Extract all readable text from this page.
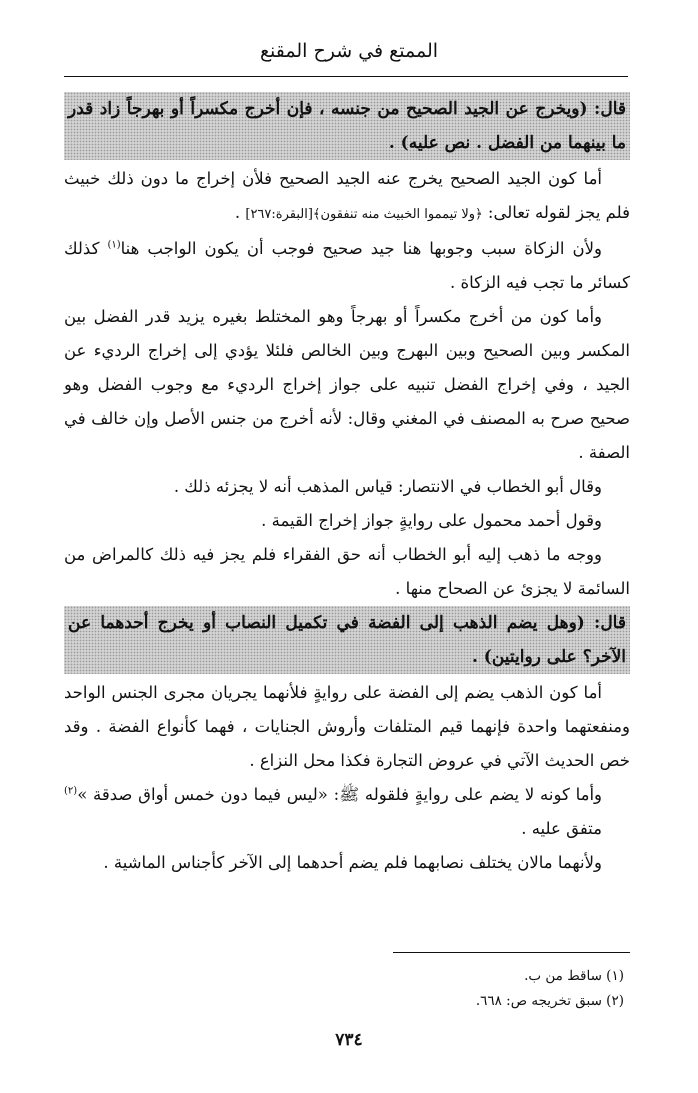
الممتع في شرح المقنع

قال: (ويخرج عن الجيد الصحيح من جنسه ، فإن أخرج مكسراً أو بهرجاً زاد قدر ما بينهما من الفضل . نص عليه) .

أما كون الجيد الصحيح يخرج عنه الجيد الصحيح فلأن إخراج ما دون ذلك خبيث فلم يجز لقوله تعالى: ﴿ولا تيمموا الخبيث منه تنفقون﴾[البقرة:٢٦٧] .

ولأن الزكاة سبب وجوبها هنا جيد صحيح فوجب أن يكون الواجب هنا$^{(١)}$ كذلك كسائر ما تجب فيه الزكاة .

وأما كون من أخرج مكسراً أو بهرجاً وهو المختلط بغيره يزيد قدر الفضل بين المكسر وبين الصحيح وبين البهرج وبين الخالص فلئلا يؤدي إلى إخراج الرديء عن الجيد ، وفي إخراج الفضل تنبيه على جواز إخراج الرديء مع وجوب الفضل وهو صحيح صرح به المصنف في المغني وقال: لأنه أخرج من جنس الأصل وإن خالف في الصفة .

وقال أبو الخطاب في الانتصار: قياس المذهب أنه لا يجزئه ذلك .

وقول أحمد محمول على روايةٍ جواز إخراج القيمة .

ووجه ما ذهب إليه أبو الخطاب أنه حق الفقراء فلم يجز فيه ذلك كالمراض من السائمة لا يجزئ عن الصحاح منها .

قال: (وهل يضم الذهب إلى الفضة في تكميل النصاب أو يخرج أحدهما عن الآخر؟ على روايتين) .

أما كون الذهب يضم إلى الفضة على روايةٍ فلأنهما يجريان مجرى الجنس الواحد ومنفعتهما واحدة فإنهما قيم المتلفات وأروش الجنايات ، فهما كأنواع الفضة . وقد خص الحديث الآتي في عروض التجارة فكذا محل النزاع .

وأما كونه لا يضم على روايةٍ فلقوله ﷺ: «ليس فيما دون خمس أواق صدقة »$^{(٢)}$ متفق عليه .

ولأنهما مالان يختلف نصابهما فلم يضم أحدهما إلى الآخر كأجناس الماشية .

(١) ساقط من ب.

(٢) سبق تخريجه ص: ٦٦٨.

٧٣٤
